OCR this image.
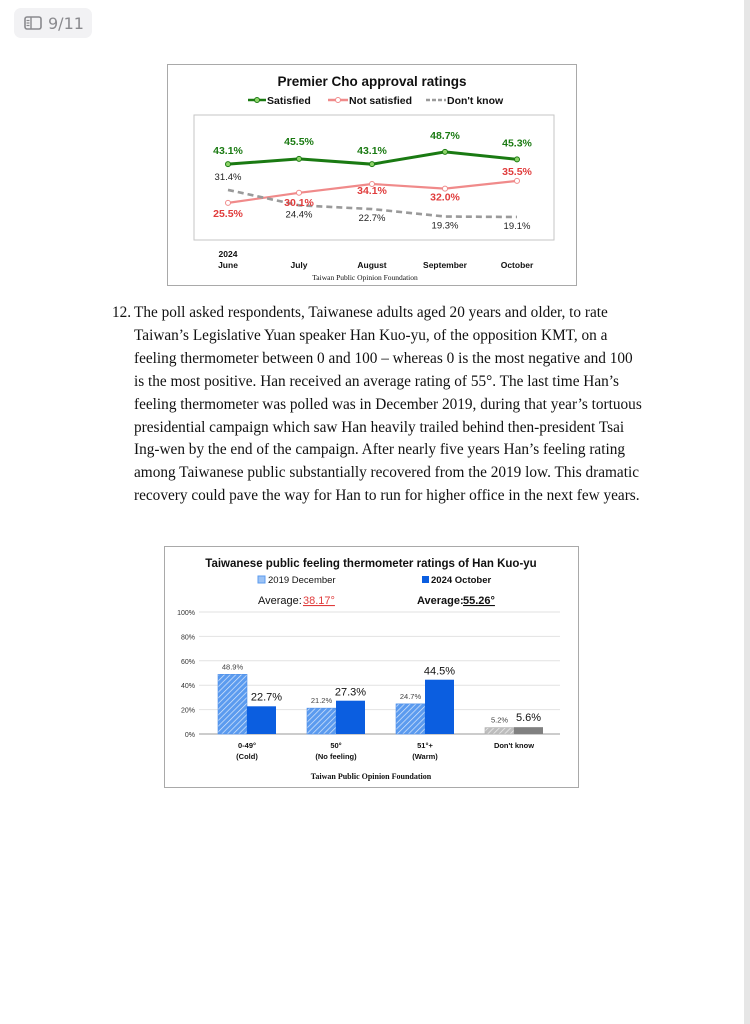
9/11
Premier Cho approval ratings
Satisfied	Not satisfied	Don't know
43.1%
45.5%
43.1%
48.7%
45.3%
25.5%
30.1%
34.1%
32.0%
35.5%
31.4%
24.4%	22.7%
19.3%	19.1%
2024
June	July	August	September	October
Taiwan Public Opinion Foundation
12. The poll asked respondents, Taiwanese adults aged 20 years and older, to rate Taiwan’s Legislative Yuan speaker Han Kuo-yu, of the opposition KMT, on a feeling thermometer between 0 and 100 – whereas 0 is the most negative and 100 is the most positive. Han received an average rating of 55°. The last time Han’s feeling thermometer was polled was in December 2019, during that year’s tortuous presidential campaign which saw Han heavily trailed behind then-president Tsai Ing-wen by the end of the campaign. After nearly five years Han’s feeling rating among Taiwanese public substantially recovered from the 2019 low. This dramatic recovery could pave the way for Han to run for higher office in the next few years.
Taiwanese public feeling thermometer ratings of Han Kuo-yu
2019 December	2024 October
Average: 38.17°	Average: 55.26°
0%
20%
40%
60%
80%
100%
48.9%
21.2%	24.7%
5.2%
22.7%	27.3%
44.5%
5.6%
0-49°
(Cold)
50°
(No feeling)
51°+
(Warm)
Don't know
Taiwan Public Opinion Foundation
